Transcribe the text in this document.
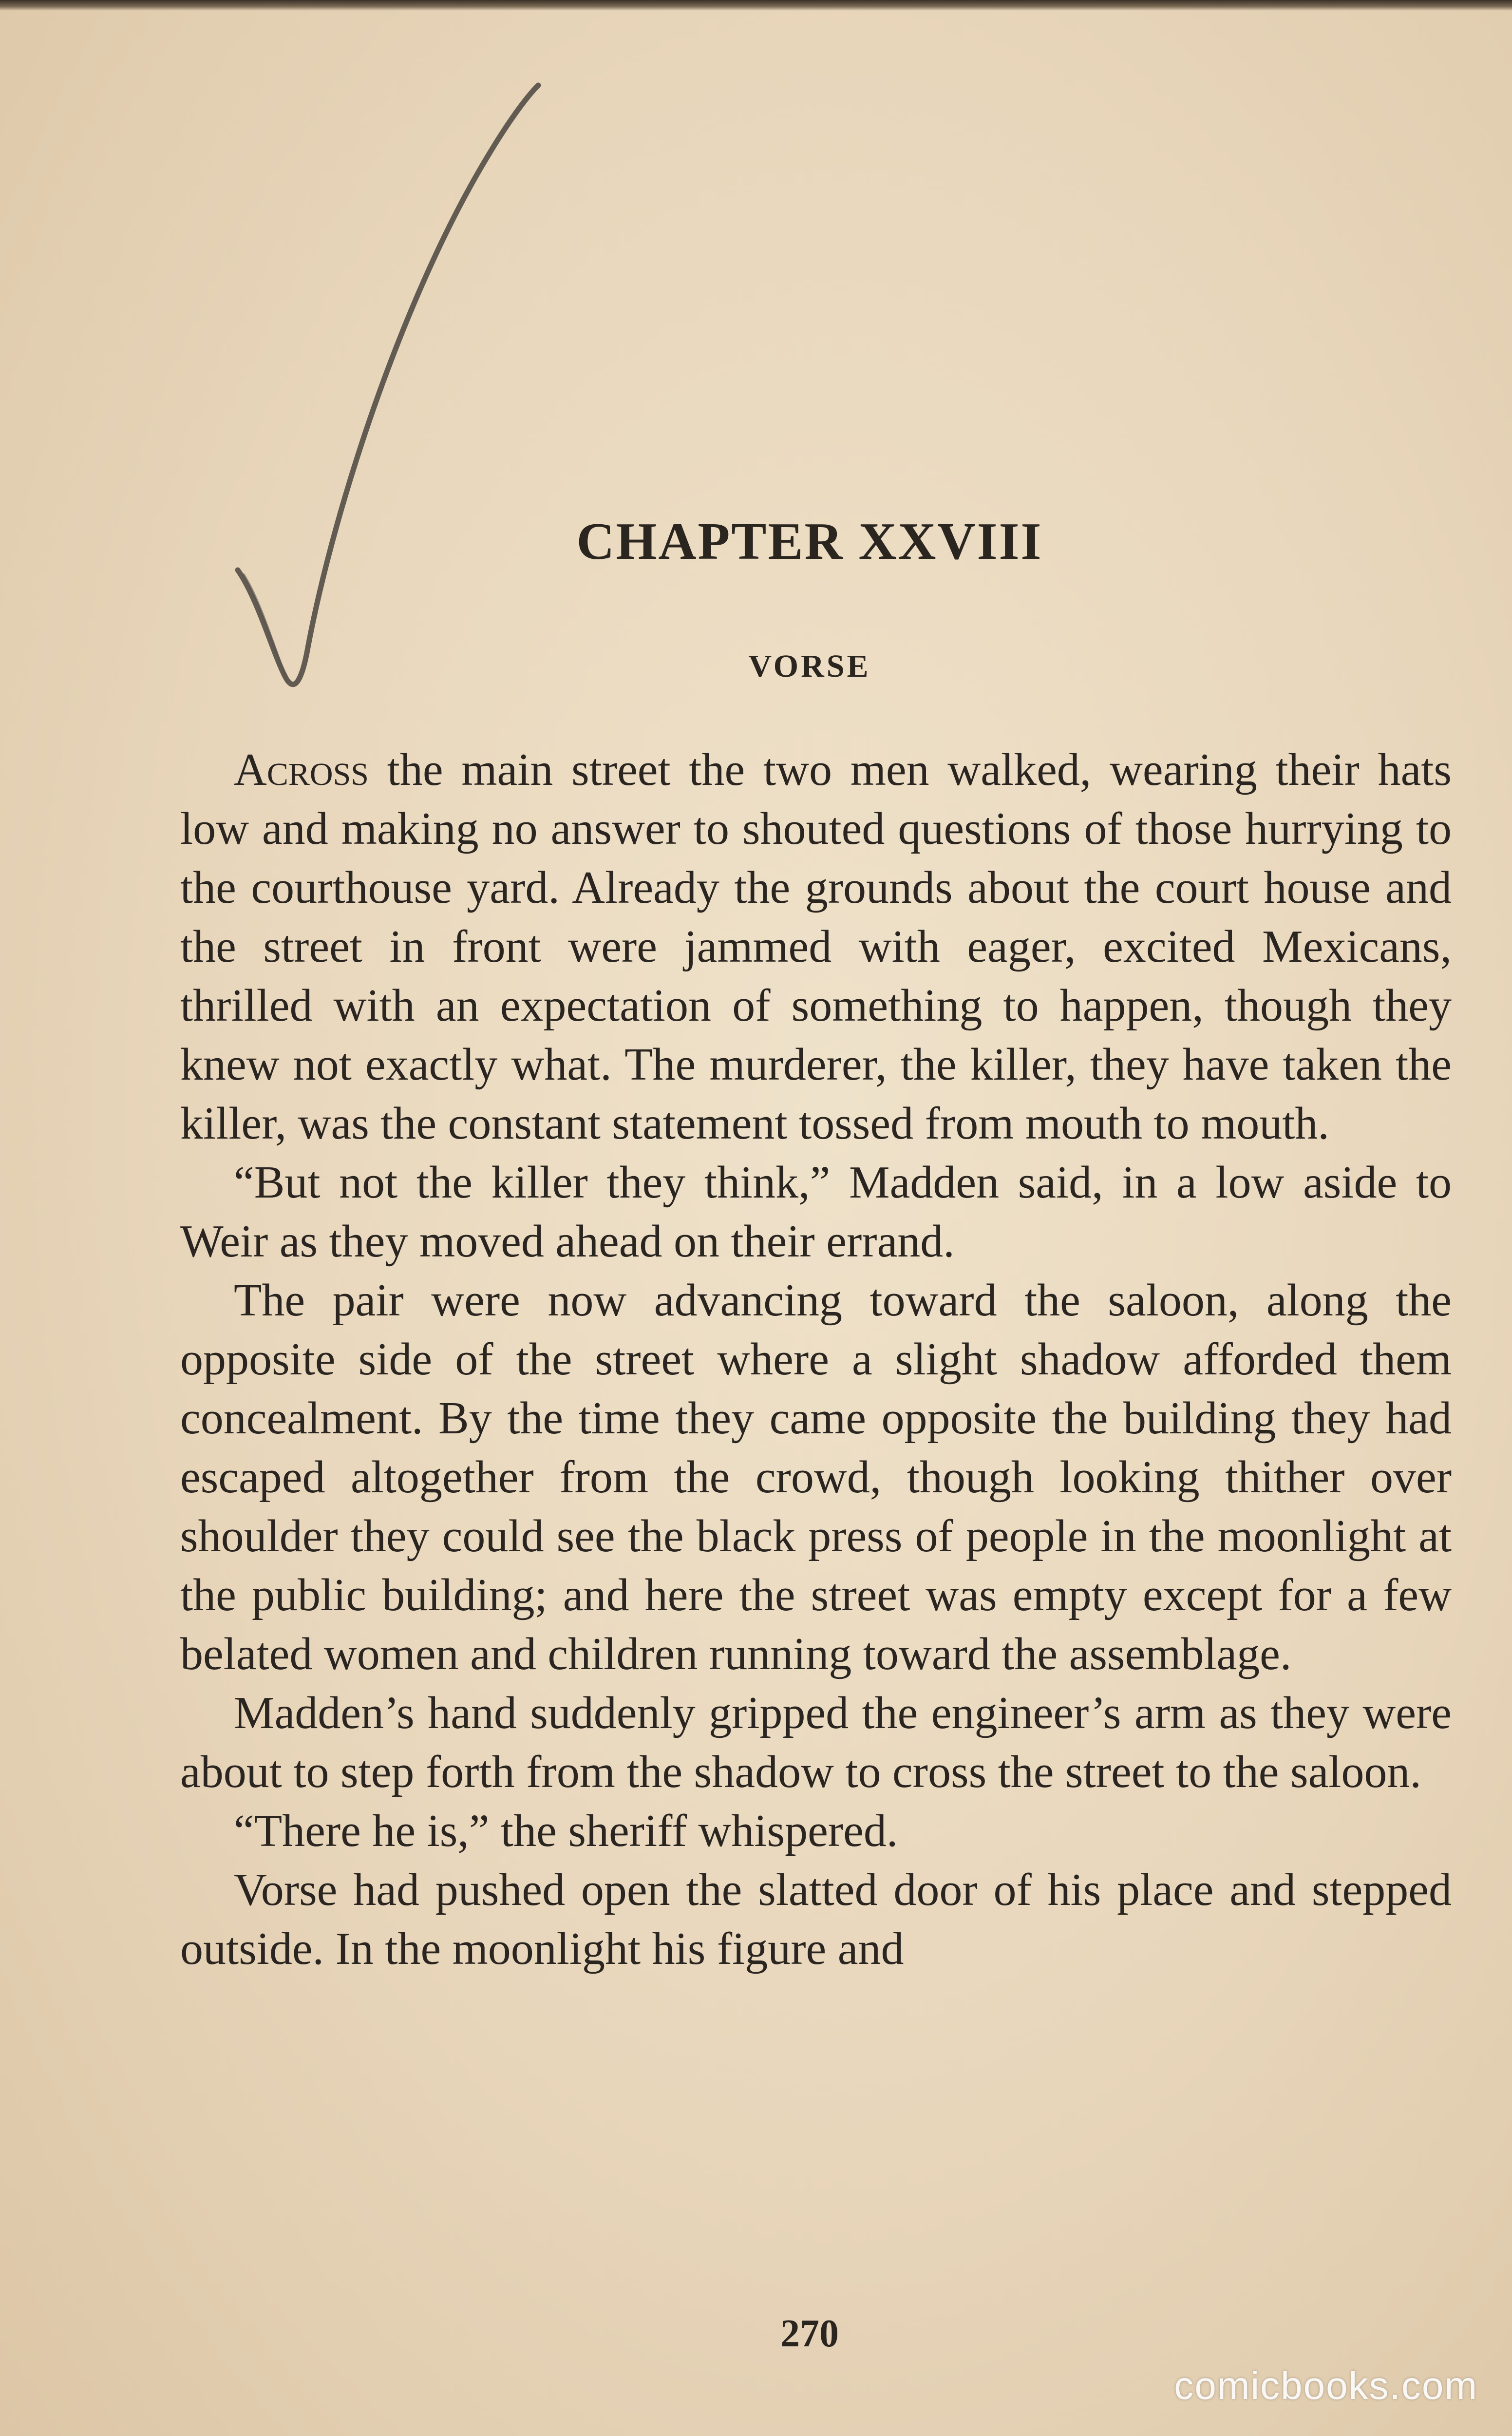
CHAPTER XXVIII
VORSE

Across the main street the two men walked, wearing their hats low and making no answer to shouted questions of those hurrying to the courthouse yard. Already the grounds about the court house and the street in front were jammed with eager, excited Mexicans, thrilled with an expectation of something to happen, though they knew not exactly what. The murderer, the killer, they have taken the killer, was the constant statement tossed from mouth to mouth.

“But not the killer they think,” Madden said, in a low aside to Weir as they moved ahead on their errand.

The pair were now advancing toward the saloon, along the opposite side of the street where a slight shadow afforded them concealment. By the time they came opposite the building they had escaped altogether from the crowd, though looking thither over shoulder they could see the black press of people in the moonlight at the public building; and here the street was empty except for a few belated women and children running toward the assemblage.

Madden’s hand suddenly gripped the engineer’s arm as they were about to step forth from the shadow to cross the street to the saloon.

“There he is,” the sheriff whispered.

Vorse had pushed open the slatted door of his place and stepped outside. In the moonlight his figure and

270
comicbooks.com
